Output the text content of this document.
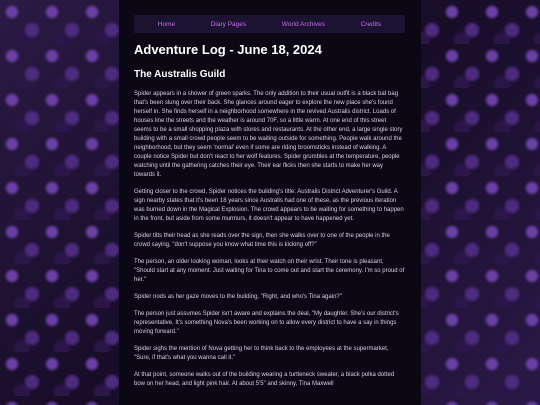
Home	Diary Pages	World Archives	Credits
Adventure Log - June 18, 2024
The Australis Guild

Spider appears in a shower of green sparks. The only addition to their usual outfit is a black bat bag that's been slung over their back. She glances around eager to explore the new place she's found herself in. She finds herself in a neighborhood somewhere in the revived Australis district. Loads of houses line the streets and the weather is around 70F, so a little warm. At one end of this street seems to be a small shopping plaza with stores and restaurants. At the other end, a large single story building with a small crowd people seem to be waiting outside for something. People walk around the neighborhood, but they seem 'normal' even if some are riding broomsticks instead of walking. A couple notice Spider but don't react to her wolf features. Spider grumbles at the temperature, people watching until the gathering catches their eye. Their ear flicks then she starts to make her way towards it.

Getting closer to the crowd, Spider notices the building's title: Australis District Adventurer's Guild. A sign nearby states that it's been 18 years since Australis had one of these, as the previous iteration was burned down in the Magical Explosion. The crowd appears to be waiting for something to happen in the front, but aside from some murmurs, it doesn't appear to have happened yet.

Spider tilts their head as she reads over the sign, then she walks over to one of the people in the crowd saying, "don't suppose you know what time this is kicking off?"

The person, an older looking woman, looks at their watch on their wrist. Their tone is pleasant, "Should start at any moment. Just waiting for Tina to come out and start the ceremony. I'm so proud of her."

Spider nods as her gaze moves to the building, "Right, and who's Tina again?"

The person just assumes Spider isn't aware and explains the deal, "My daughter. She's our district's representative. It's something Nova's been working on to allow every district to have a say in things moving forward."

Spider sighs the mention of Nova getting her to think back to the employees at the supermarket, "Sure, if that's what you wanna call it."

At that point, someone walks out of the building wearing a turtleneck sweater, a black polka dotted bow on her head, and light pink hair. At about 5'5" and skinny, Tina Maxwell
